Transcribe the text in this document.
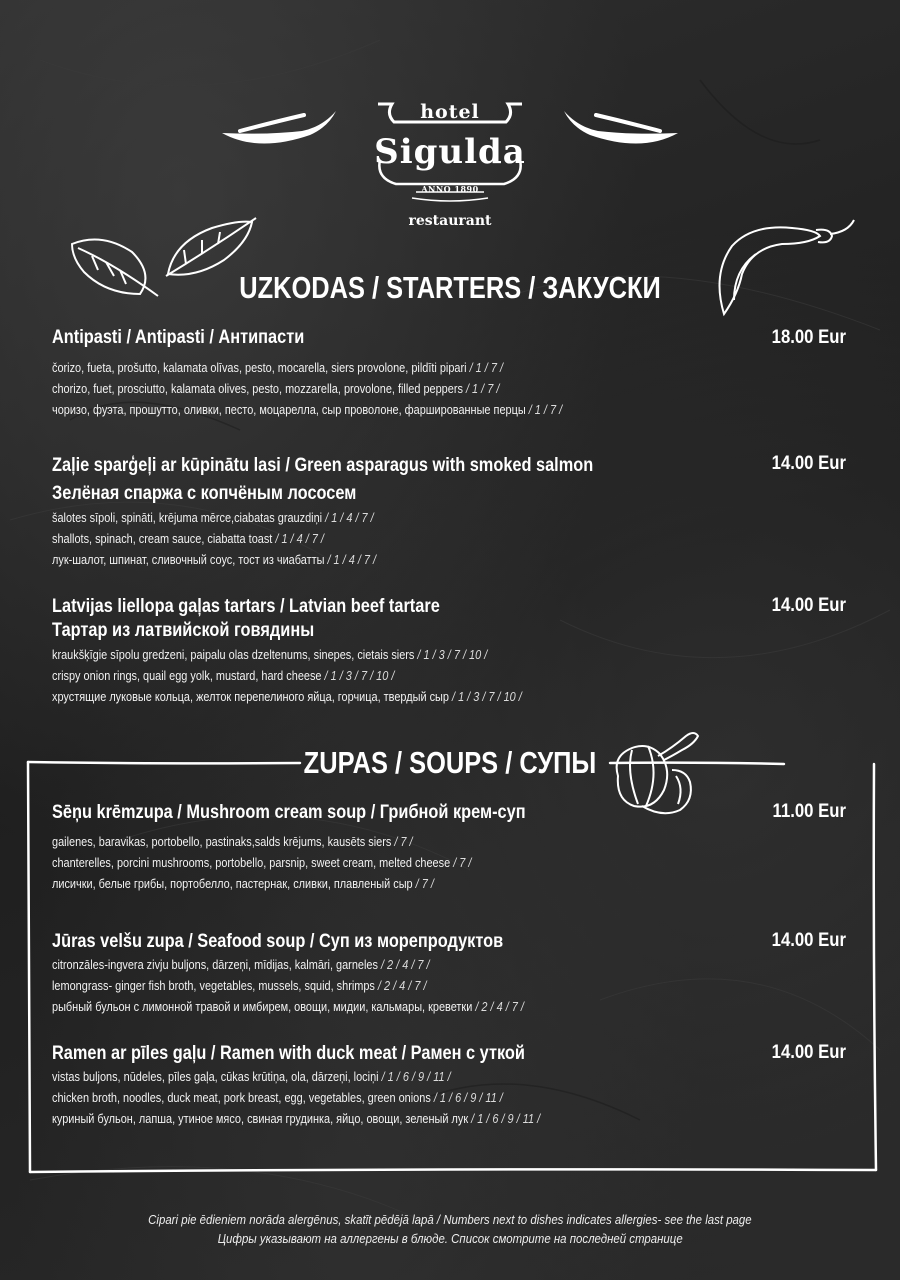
hotel
Sigulda
ANNO 1890
restaurant
UZKODAS / STARTERS / ЗАКУСКИ
Antipasti / Antipasti / Антипасти	18.00 Eur
čorizo, fueta, prošutto, kalamata olīvas, pesto, mocarella, siers provolone, pildīti pipari / 1 / 7 /
chorizo, fuet, prosciutto, kalamata olives, pesto, mozzarella, provolone, filled peppers / 1 / 7 /
чоризо, фуэта, прошутто, оливки, песто, моцарелла, сыр проволоне, фаршированные перцы / 1 / 7 /
Zaļie sparģeļi ar kūpinātu lasi / Green asparagus with smoked salmon
Зелёная спаржа с копчёным лососем
14.00 Eur
šalotes sīpoli, spināti, krējuma mērce,ciabatas grauzdiņi / 1 / 4 / 7 /
shallots, spinach, cream sauce, ciabatta toast / 1 / 4 / 7 /
лук-шалот, шпинат, сливочный соус, тост из чиабатты / 1 / 4 / 7 /
Latvijas liellopa gaļas tartars / Latvian beef tartare
Тартар из латвийской говядины
14.00 Eur
kraukšķīgie sīpolu gredzeni, paipalu olas dzeltenums, sinepes, cietais siers / 1 / 3 / 7 / 10 /
crispy onion rings, quail egg yolk, mustard, hard cheese / 1 / 3 / 7 / 10 /
хрустящие луковые кольца, желток перепелиного яйца, горчица, твердый сыр / 1 / 3 / 7 / 10 /
ZUPAS / SOUPS / СУПЫ
Sēņu krēmzupa / Mushroom cream soup / Грибной крем-суп	11.00 Eur
gailenes, baravikas, portobello, pastinaks,salds krējums, kausēts siers / 7 /
chanterelles, porcini mushrooms, portobello, parsnip, sweet cream, melted cheese / 7 /
лисички, белые грибы, портобелло, пастернак, сливки, плавленый сыр / 7 /
Jūras velšu zupa / Seafood soup / Суп из морепродуктов	14.00 Eur
citronzāles-ingvera zivju buljons, dārzeņi, mīdijas, kalmāri, garneles / 2 / 4 / 7 /
lemongrass- ginger fish broth, vegetables, mussels, squid, shrimps / 2 / 4 / 7 /
рыбный бульон с лимонной травой и имбирем, овощи, мидии, кальмары, креветки / 2 / 4 / 7 /
Ramen ar pīles gaļu / Ramen with duck meat / Рамен с уткой	14.00 Eur
vistas buljons, nūdeles, pīles gaļa, cūkas krūtiņa, ola, dārzeņi, lociņi / 1 / 6 / 9 / 11 /
chicken broth, noodles, duck meat, pork breast, egg, vegetables, green onions / 1 / 6 / 9 / 11 /
куриный бульон, лапша, утиное мясо, свиная грудинка, яйцо, овощи, зеленый лук / 1 / 6 / 9 / 11 /
Cipari pie ēdieniem norāda alergēnus, skatīt pēdējā lapā / Numbers next to dishes indicates allergies- see the last page
Цифры указывают на аллергены в блюде. Список смотрите на последней странице
